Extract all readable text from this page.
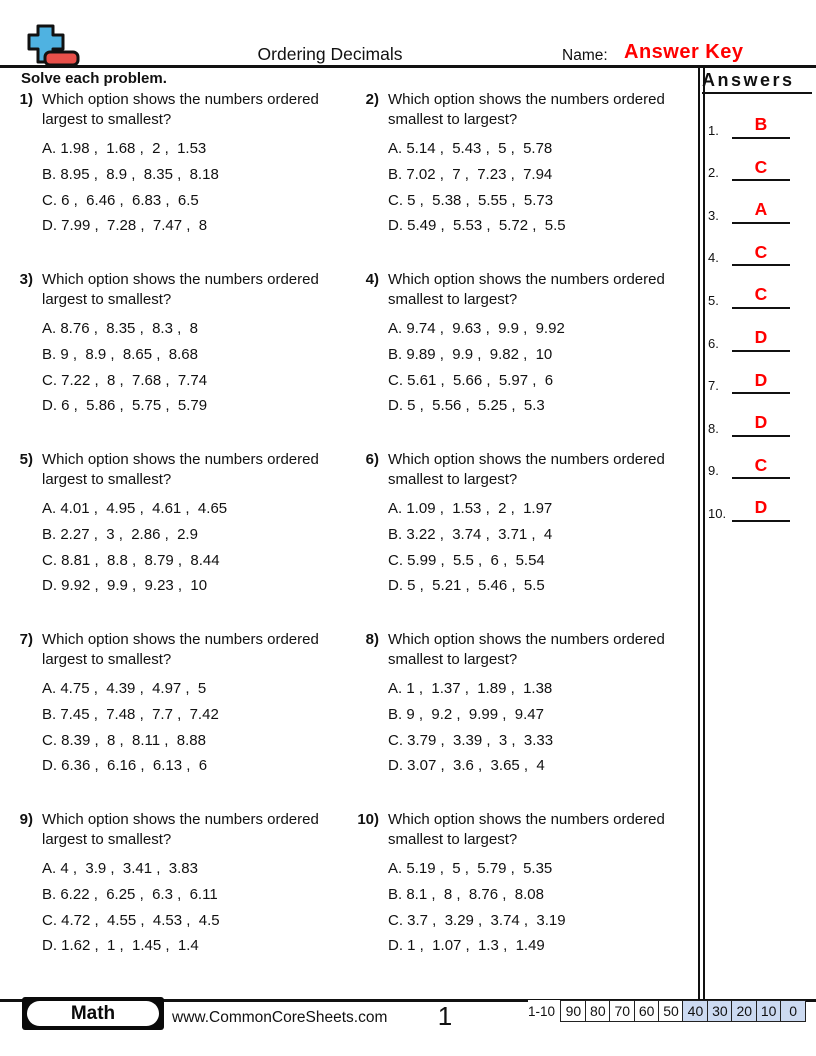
Ordering Decimals	Name: Answer Key
Solve each problem.
1) Which option shows the numbers ordered largest to smallest?
A. 1.98 ,  1.68 ,  2 ,  1.53
B. 8.95 ,  8.9 ,  8.35 ,  8.18
C. 6 ,  6.46 ,  6.83 ,  6.5
D. 7.99 ,  7.28 ,  7.47 ,  8
2) Which option shows the numbers ordered smallest to largest?
A. 5.14 ,  5.43 ,  5 ,  5.78
B. 7.02 ,  7 ,  7.23 ,  7.94
C. 5 ,  5.38 ,  5.55 ,  5.73
D. 5.49 ,  5.53 ,  5.72 ,  5.5
3) Which option shows the numbers ordered largest to smallest?
A. 8.76 ,  8.35 ,  8.3 ,  8
B. 9 ,  8.9 ,  8.65 ,  8.68
C. 7.22 ,  8 ,  7.68 ,  7.74
D. 6 ,  5.86 ,  5.75 ,  5.79
4) Which option shows the numbers ordered smallest to largest?
A. 9.74 ,  9.63 ,  9.9 ,  9.92
B. 9.89 ,  9.9 ,  9.82 ,  10
C. 5.61 ,  5.66 ,  5.97 ,  6
D. 5 ,  5.56 ,  5.25 ,  5.3
5) Which option shows the numbers ordered largest to smallest?
A. 4.01 ,  4.95 ,  4.61 ,  4.65
B. 2.27 ,  3 ,  2.86 ,  2.9
C. 8.81 ,  8.8 ,  8.79 ,  8.44
D. 9.92 ,  9.9 ,  9.23 ,  10
6) Which option shows the numbers ordered smallest to largest?
A. 1.09 ,  1.53 ,  2 ,  1.97
B. 3.22 ,  3.74 ,  3.71 ,  4
C. 5.99 ,  5.5 ,  6 ,  5.54
D. 5 ,  5.21 ,  5.46 ,  5.5
7) Which option shows the numbers ordered largest to smallest?
A. 4.75 ,  4.39 ,  4.97 ,  5
B. 7.45 ,  7.48 ,  7.7 ,  7.42
C. 8.39 ,  8 ,  8.11 ,  8.88
D. 6.36 ,  6.16 ,  6.13 ,  6
8) Which option shows the numbers ordered smallest to largest?
A. 1 ,  1.37 ,  1.89 ,  1.38
B. 9 ,  9.2 ,  9.99 ,  9.47
C. 3.79 ,  3.39 ,  3 ,  3.33
D. 3.07 ,  3.6 ,  3.65 ,  4
9) Which option shows the numbers ordered largest to smallest?
A. 4 ,  3.9 ,  3.41 ,  3.83
B. 6.22 ,  6.25 ,  6.3 ,  6.11
C. 4.72 ,  4.55 ,  4.53 ,  4.5
D. 1.62 ,  1 ,  1.45 ,  1.4
10) Which option shows the numbers ordered smallest to largest?
A. 5.19 ,  5 ,  5.79 ,  5.35
B. 8.1 ,  8 ,  8.76 ,  8.08
C. 3.7 ,  3.29 ,  3.74 ,  3.19
D. 1 ,  1.07 ,  1.3 ,  1.49
Answers
1.	B
2.	C
3.	A
4.	C
5.	C
6.	D
7.	D
8.	D
9.	C
10.	D
Math	www.CommonCoreSheets.com	1	1-10 90 80 70 60 50 40 30 20 10 0
